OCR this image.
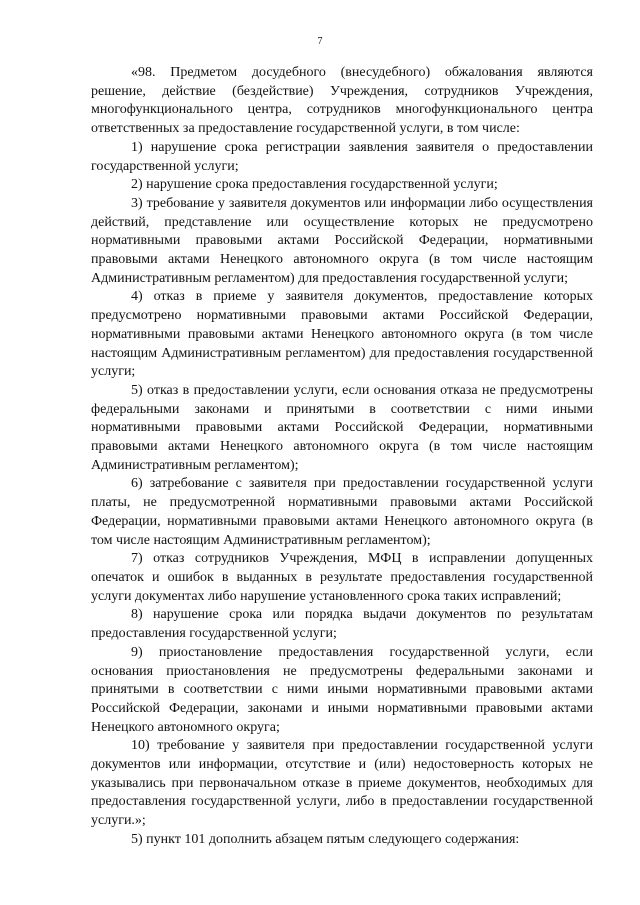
7

«98. Предметом досудебного (внесудебного) обжалования являются решение, действие (бездействие) Учреждения, сотрудников Учреждения, многофункционального центра, сотрудников многофункционального центра ответственных за предоставление государственной услуги, в том числе:

1) нарушение срока регистрации заявления заявителя о предоставлении государственной услуги;

2) нарушение срока предоставления государственной услуги;

3) требование у заявителя документов или информации либо осуществления действий, представление или осуществление которых не предусмотрено нормативными правовыми актами Российской Федерации, нормативными правовыми актами Ненецкого автономного округа (в том числе настоящим Административным регламентом) для предоставления государственной услуги;

4) отказ в приеме у заявителя документов, предоставление которых предусмотрено нормативными правовыми актами Российской Федерации, нормативными правовыми актами Ненецкого автономного округа (в том числе настоящим Административным регламентом) для предоставления государственной услуги;

5) отказ в предоставлении услуги, если основания отказа не предусмотрены федеральными законами и принятыми в соответствии с ними иными нормативными правовыми актами Российской Федерации, нормативными правовыми актами Ненецкого автономного округа (в том числе настоящим Административным регламентом);

6) затребование с заявителя при предоставлении государственной услуги платы, не предусмотренной нормативными правовыми актами Российской Федерации, нормативными правовыми актами Ненецкого автономного округа (в том числе настоящим Административным регламентом);

7) отказ сотрудников Учреждения, МФЦ в исправлении допущенных опечаток и ошибок в выданных в результате предоставления государственной услуги документах либо нарушение установленного срока таких исправлений;

8) нарушение срока или порядка выдачи документов по результатам предоставления государственной услуги;

9) приостановление предоставления государственной услуги, если основания приостановления не предусмотрены федеральными законами и принятыми в соответствии с ними иными нормативными правовыми актами Российской Федерации, законами и иными нормативными правовыми актами Ненецкого автономного округа;

10) требование у заявителя при предоставлении государственной услуги документов или информации, отсутствие и (или) недостоверность которых не указывались при первоначальном отказе в приеме документов, необходимых для предоставления государственной услуги, либо в предоставлении государственной услуги.»;

5) пункт 101 дополнить абзацем пятым следующего содержания:
